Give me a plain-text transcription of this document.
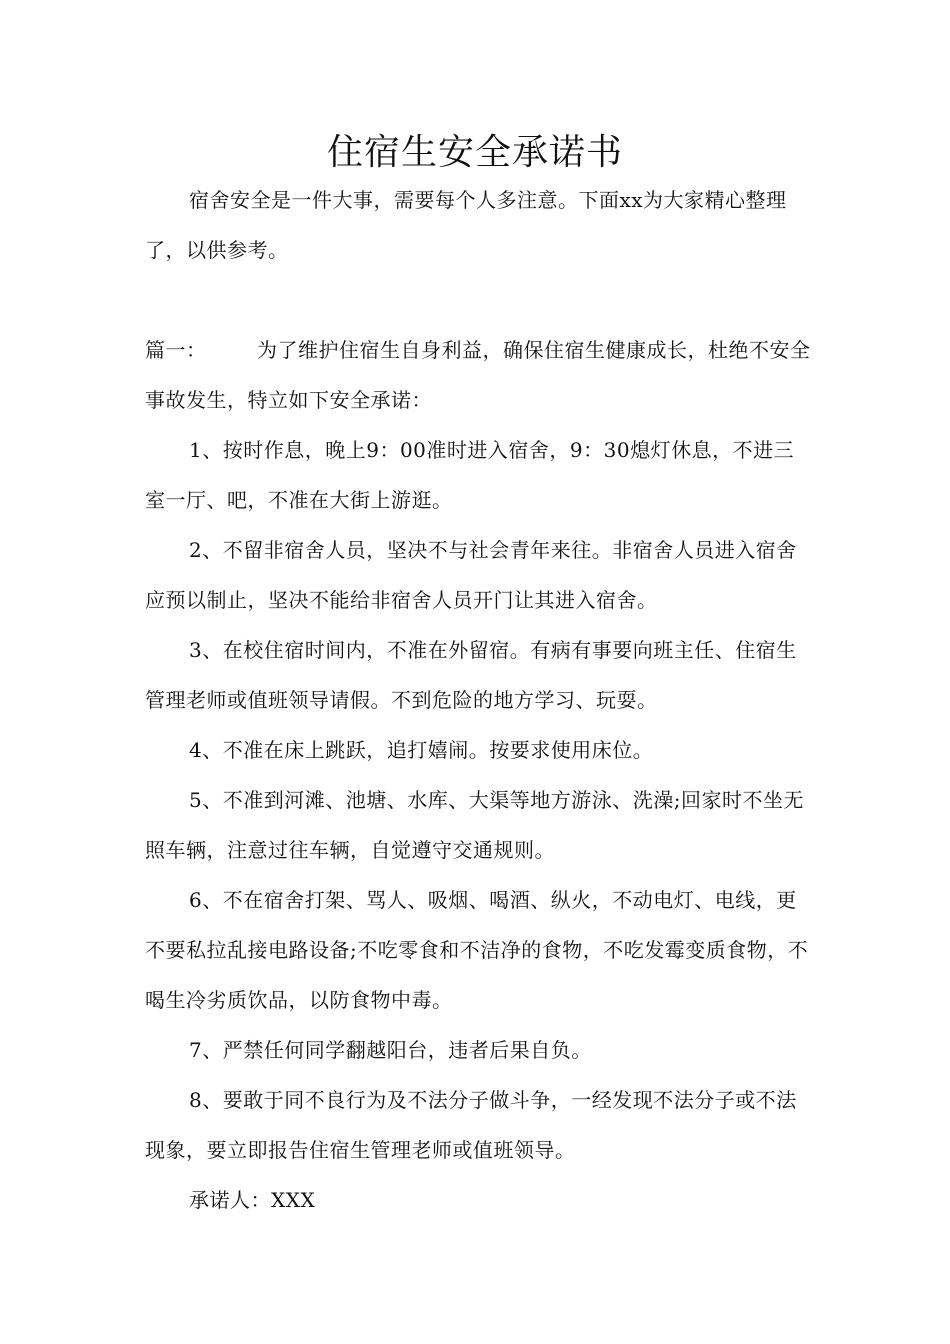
住宿生安全承诺书

宿舍安全是一件大事，需要每个人多注意。下面xx为大家精心整理了，以供参考。

篇一：	为了维护住宿生自身利益，确保住宿生健康成长，杜绝不安全事故发生，特立如下安全承诺：

1、按时作息，晚上9：00准时进入宿舍，9：30熄灯休息，不进三室一厅、吧，不准在大街上游逛。

2、不留非宿舍人员，坚决不与社会青年来往。非宿舍人员进入宿舍应预以制止，坚决不能给非宿舍人员开门让其进入宿舍。

3、在校住宿时间内，不准在外留宿。有病有事要向班主任、住宿生管理老师或值班领导请假。不到危险的地方学习、玩耍。

4、不准在床上跳跃，追打嬉闹。按要求使用床位。

5、不准到河滩、池塘、水库、大渠等地方游泳、洗澡;回家时不坐无照车辆，注意过往车辆，自觉遵守交通规则。

6、不在宿舍打架、骂人、吸烟、喝酒、纵火，不动电灯、电线，更不要私拉乱接电路设备;不吃零食和不洁净的食物，不吃发霉变质食物，不喝生冷劣质饮品，以防食物中毒。

7、严禁任何同学翻越阳台，违者后果自负。

8、要敢于同不良行为及不法分子做斗争，一经发现不法分子或不法现象，要立即报告住宿生管理老师或值班领导。

承诺人：XXX
